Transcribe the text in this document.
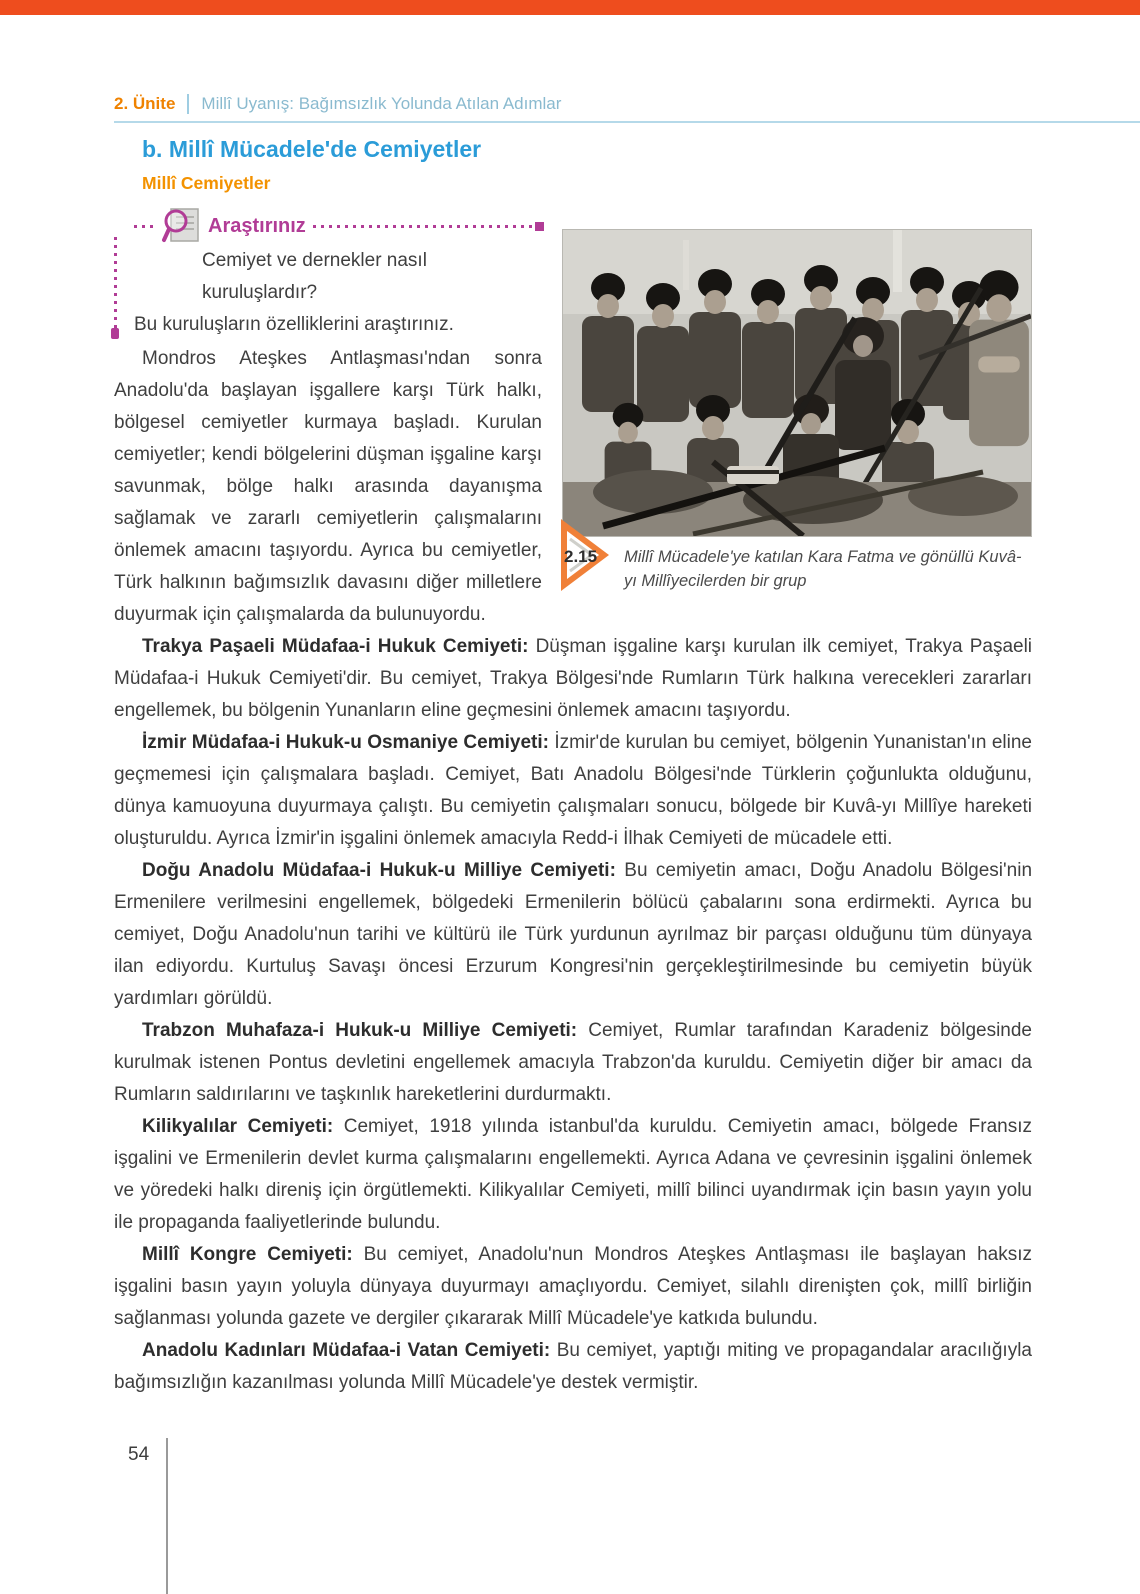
2. Ünite Millî Uyanış: Bağımsızlık Yolunda Atılan Adımlar
b. Millî Mücadele'de Cemiyetler
Millî Cemiyetler
2.15 Millî Mücadele'ye katılan Kara Fatma ve gönüllü Kuvâ-yı Millîyecilerden bir grup
Araştırınız
Cemiyet ve dernekler nasıl kuruluşlardır?
Bu kuruluşların özelliklerini araştırınız.

Mondros Ateşkes Antlaşması'ndan sonra Anadolu'da başlayan işgallere karşı Türk halkı, bölgesel cemiyetler kurmaya başladı. Kurulan cemiyetler; kendi bölgelerini düşman işgaline karşı savunmak, bölge halkı arasında dayanışma sağlamak ve zararlı cemiyetlerin çalışmalarını önlemek amacını taşıyordu. Ayrıca bu cemiyetler, Türk halkının bağımsızlık davasını diğer milletlere duyurmak için çalışmalarda da bulunuyordu.

Trakya Paşaeli Müdafaa-i Hukuk Cemiyeti: Düşman işgaline karşı kurulan ilk cemiyet, Trakya Paşaeli Müdafaa-i Hukuk Cemiyeti'dir. Bu cemiyet, Trakya Bölgesi'nde Rumların Türk halkına verecekleri zararları engellemek, bu bölgenin Yunanların eline geçmesini önlemek amacını taşıyordu.

İzmir Müdafaa-i Hukuk-u Osmaniye Cemiyeti: İzmir'de kurulan bu cemiyet, bölgenin Yunanistan'ın eline geçmemesi için çalışmalara başladı. Cemiyet, Batı Anadolu Bölgesi'nde Türklerin çoğunlukta olduğunu, dünya kamuoyuna duyurmaya çalıştı. Bu cemiyetin çalışmaları sonucu, bölgede bir Kuvâ-yı Millîye hareketi oluşturuldu. Ayrıca İzmir'in işgalini önlemek amacıyla Redd-i İlhak Cemiyeti de mücadele etti.

Doğu Anadolu Müdafaa-i Hukuk-u Milliye Cemiyeti: Bu cemiyetin amacı, Doğu Anadolu Bölgesi'nin Ermenilere verilmesini engellemek, bölgedeki Ermenilerin bölücü çabalarını sona erdirmekti. Ayrıca bu cemiyet, Doğu Anadolu'nun tarihi ve kültürü ile Türk yurdunun ayrılmaz bir parçası olduğunu tüm dünyaya ilan ediyordu. Kurtuluş Savaşı öncesi Erzurum Kongresi'nin gerçekleştirilmesinde bu cemiyetin büyük yardımları görüldü.

Trabzon Muhafaza-i Hukuk-u Milliye Cemiyeti: Cemiyet, Rumlar tarafından Karadeniz bölgesinde kurulmak istenen Pontus devletini engellemek amacıyla Trabzon'da kuruldu. Cemiyetin diğer bir amacı da Rumların saldırılarını ve taşkınlık hareketlerini durdurmaktı.

Kilikyalılar Cemiyeti: Cemiyet, 1918 yılında istanbul'da kuruldu. Cemiyetin amacı, bölgede Fransız işgalini ve Ermenilerin devlet kurma çalışmalarını engellemekti. Ayrıca Adana ve çevresinin işgalini önlemek ve yöredeki halkı direniş için örgütlemekti. Kilikyalılar Cemiyeti, millî bilinci uyandırmak için basın yayın yolu ile propaganda faaliyetlerinde bulundu.

Millî Kongre Cemiyeti: Bu cemiyet, Anadolu'nun Mondros Ateşkes Antlaşması ile başlayan haksız işgalini basın yayın yoluyla dünyaya duyurmayı amaçlıyordu. Cemiyet, silahlı direnişten çok, millî birliğin sağlanması yolunda gazete ve dergiler çıkararak Millî Mücadele'ye katkıda bulundu.

Anadolu Kadınları Müdafaa-i Vatan Cemiyeti: Bu cemiyet, yaptığı miting ve propagandalar aracılığıyla bağımsızlığın kazanılması yolunda Millî Mücadele'ye destek vermiştir.

54
